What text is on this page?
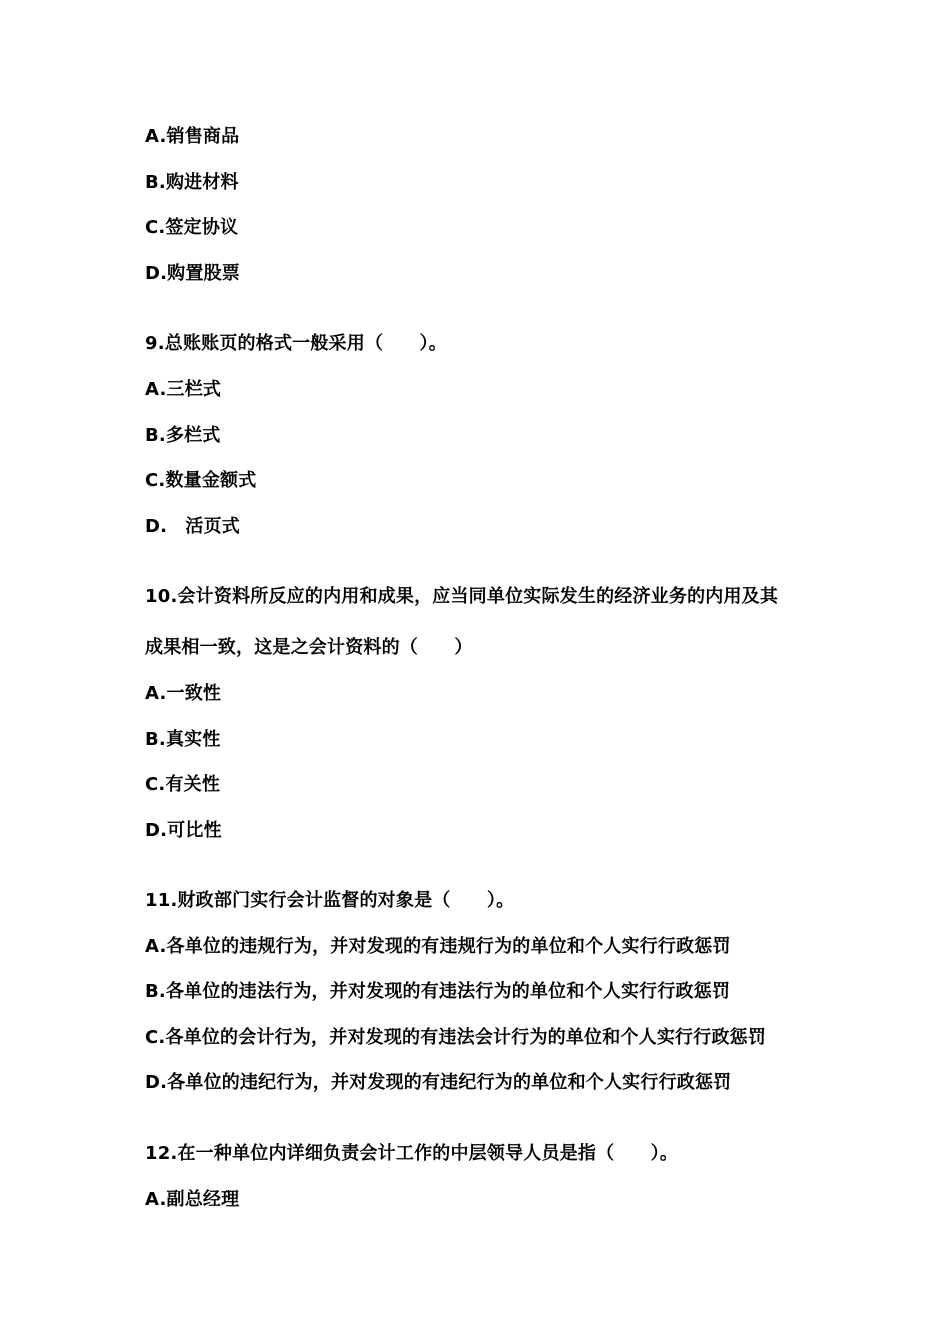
A.销售商品
B.购进材料
C.签定协议
D.购置股票
9.总账账页的格式一般采用（　　）。
A.三栏式
B.多栏式
C.数量金额式
D.　活页式
10.会计资料所反应的内用和成果，应当同单位实际发生的经济业务的内用及其
成果相一致，这是之会计资料的（　　）
A.一致性
B.真实性
C.有关性
D.可比性
11.财政部门实行会计监督的对象是（　　）。
A.各单位的违规行为，并对发现的有违规行为的单位和个人实行行政惩罚
B.各单位的违法行为，并对发现的有违法行为的单位和个人实行行政惩罚
C.各单位的会计行为，并对发现的有违法会计行为的单位和个人实行行政惩罚
D.各单位的违纪行为，并对发现的有违纪行为的单位和个人实行行政惩罚
12.在一种单位内详细负责会计工作的中层领导人员是指（　　）。
A.副总经理
